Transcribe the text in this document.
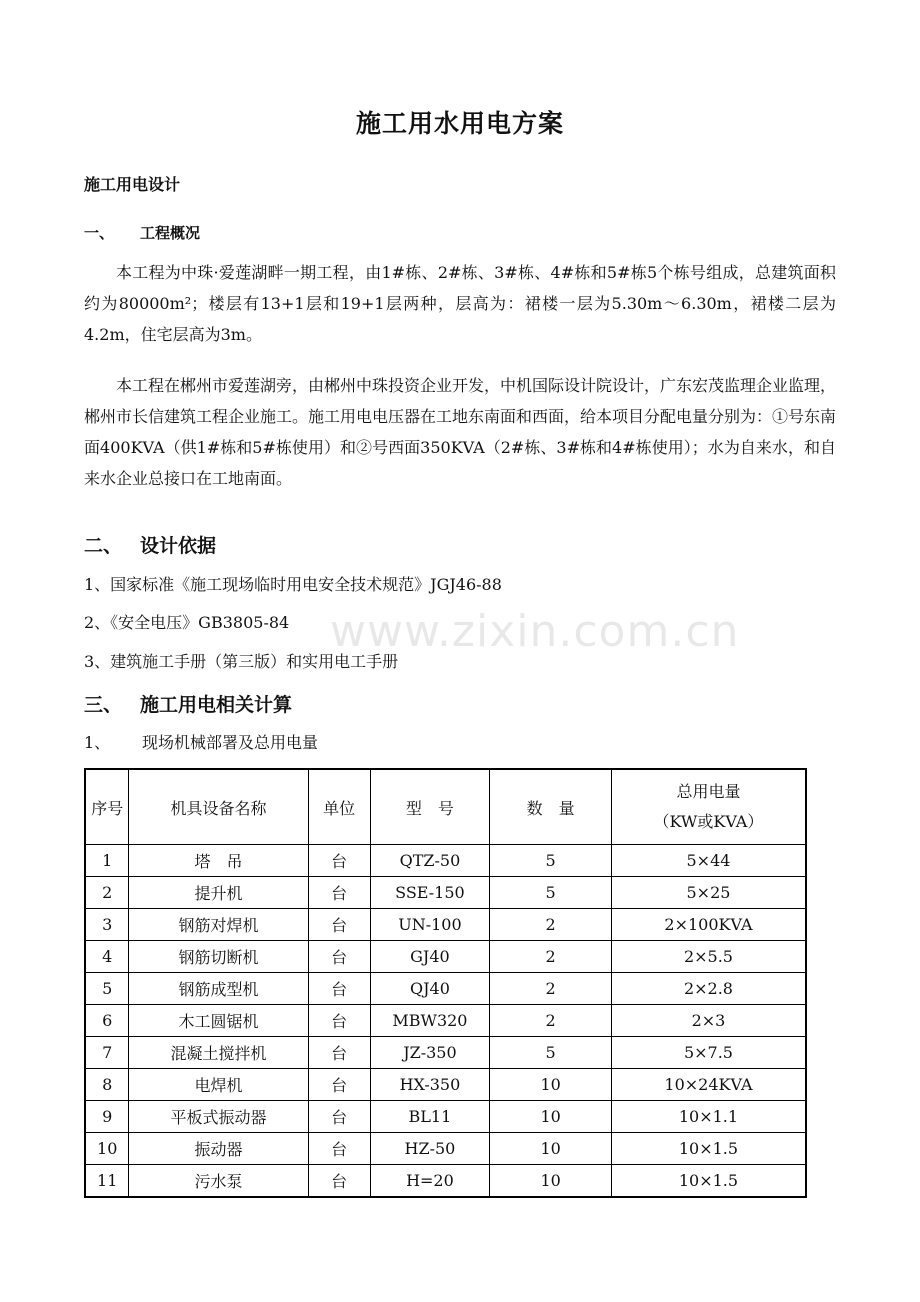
施工用水用电方案
施工用电设计
一、 工程概况

本工程为中珠·爱莲湖畔一期工程，由1#栋、2#栋、3#栋、4#栋和5#栋5个栋号组成，总建筑面积约为80000m²；楼层有13+1层和19+1层两种，层高为：裙楼一层为5.30m～6.30m，裙楼二层为4.2m，住宅层高为3m。

本工程在郴州市爱莲湖旁，由郴州中珠投资企业开发，中机国际设计院设计，广东宏茂监理企业监理，郴州市长信建筑工程企业施工。施工用电电压器在工地东南面和西面，给本项目分配电量分别为：①号东南面400KVA（供1#栋和5#栋使用）和②号西面350KVA（2#栋、3#栋和4#栋使用）；水为自来水，和自来水企业总接口在工地南面。

二、 设计依据
1、国家标准《施工现场临时用电安全技术规范》JGJ46-88
2、《安全电压》GB3805-84
3、建筑施工手册（第三版）和实用电工手册
www.zixin.com.cn
三、 施工用电相关计算
1、 现场机械部署及总用电量
序号	机具设备名称	单位	型　号	数　量	总用电量
（KW或KVA）

1	塔　吊	台	QTZ-50	5	5×44
2	提升机	台	SSE-150	5	5×25
3	钢筋对焊机	台	UN-100	2	2×100KVA
4	钢筋切断机	台	GJ40	2	2×5.5
5	钢筋成型机	台	QJ40	2	2×2.8
6	木工圆锯机	台	MBW320	2	2×3
7	混凝土搅拌机	台	JZ-350	5	5×7.5
8	电焊机	台	HX-350	10	10×24KVA
9	平板式振动器	台	BL11	10	10×1.1
10	振动器	台	HZ-50	10	10×1.5
11	污水泵	台	H=20	10	10×1.5
